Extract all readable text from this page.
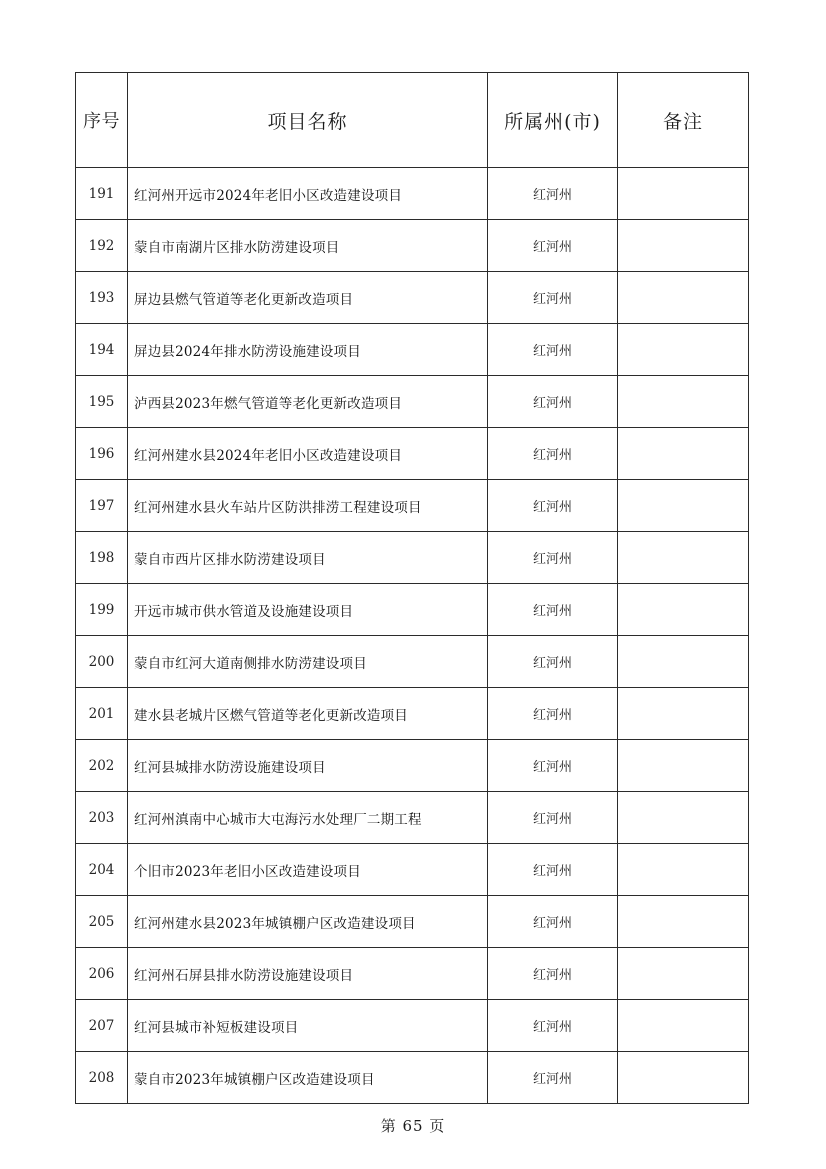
序号	项目名称	所属州(市)	备注
191	红河州开远市2024年老旧小区改造建设项目	红河州	
192	蒙自市南湖片区排水防涝建设项目	红河州	
193	屏边县燃气管道等老化更新改造项目	红河州	
194	屏边县2024年排水防涝设施建设项目	红河州	
195	泸西县2023年燃气管道等老化更新改造项目	红河州	
196	红河州建水县2024年老旧小区改造建设项目	红河州	
197	红河州建水县火车站片区防洪排涝工程建设项目	红河州	
198	蒙自市西片区排水防涝建设项目	红河州	
199	开远市城市供水管道及设施建设项目	红河州	
200	蒙自市红河大道南侧排水防涝建设项目	红河州	
201	建水县老城片区燃气管道等老化更新改造项目	红河州	
202	红河县城排水防涝设施建设项目	红河州	
203	红河州滇南中心城市大屯海污水处理厂二期工程	红河州	
204	个旧市2023年老旧小区改造建设项目	红河州	
205	红河州建水县2023年城镇棚户区改造建设项目	红河州	
206	红河州石屏县排水防涝设施建设项目	红河州	
207	红河县城市补短板建设项目	红河州	
208	蒙自市2023年城镇棚户区改造建设项目	红河州	
第 65 页
